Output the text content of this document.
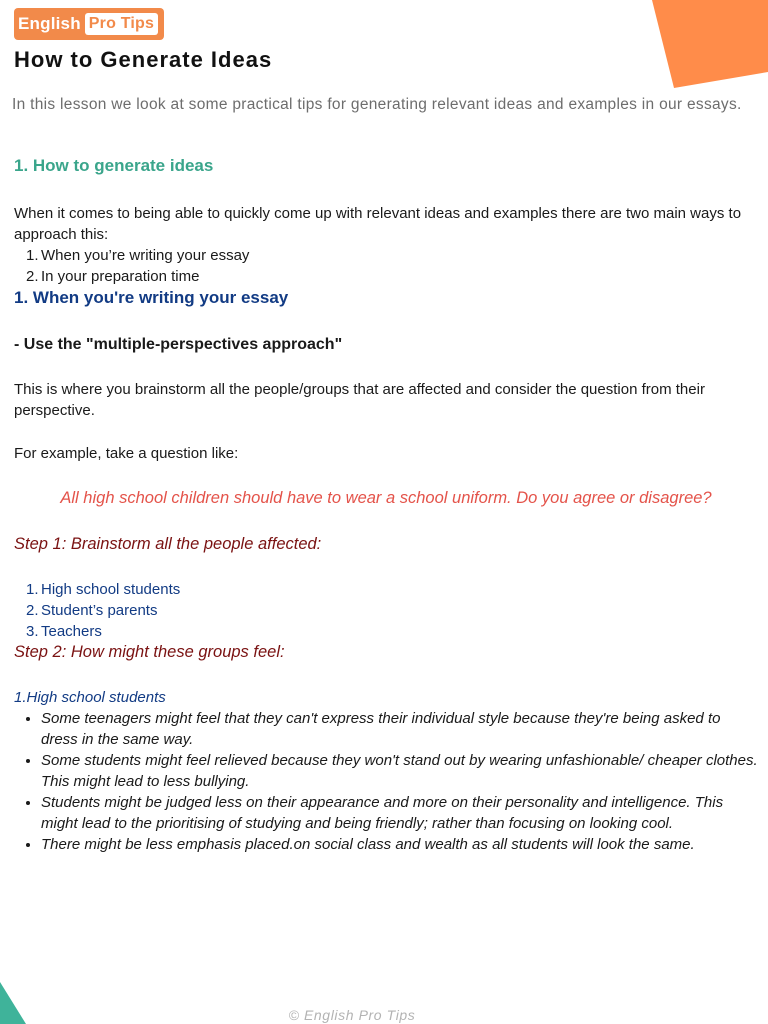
English Pro Tips
How to Generate Ideas
In this lesson we look at some practical tips for generating relevant ideas and examples in our essays.
1. How to generate ideas

When it comes to being able to quickly come up with relevant ideas and examples there are two main ways to approach this:

1. When you’re writing your essay
2. In your preparation time
1. When you're writing your essay
- Use the "multiple-perspectives approach"

This is where you brainstorm all the people/groups that are affected and consider the question from their perspective.

For example, take a question like:

All high school children should have to wear a school uniform. Do you agree or disagree?
Step 1: Brainstorm all the people affected:
1. High school students
2. Student’s parents
3. Teachers
Step 2: How might these groups feel:
1.High school students
• Some teenagers might feel that they can't express their individual style because they're being asked to dress in the same way.
• Some students might feel relieved because they won't stand out by wearing unfashionable/ cheaper clothes. This might lead to less bullying.
• Students might be judged less on their appearance and more on their personality and intelligence. This might lead to the prioritising of studying and being friendly; rather than focusing on looking cool.
• There might be less emphasis placed.on social class and wealth as all students will look the same.
© English Pro Tips
